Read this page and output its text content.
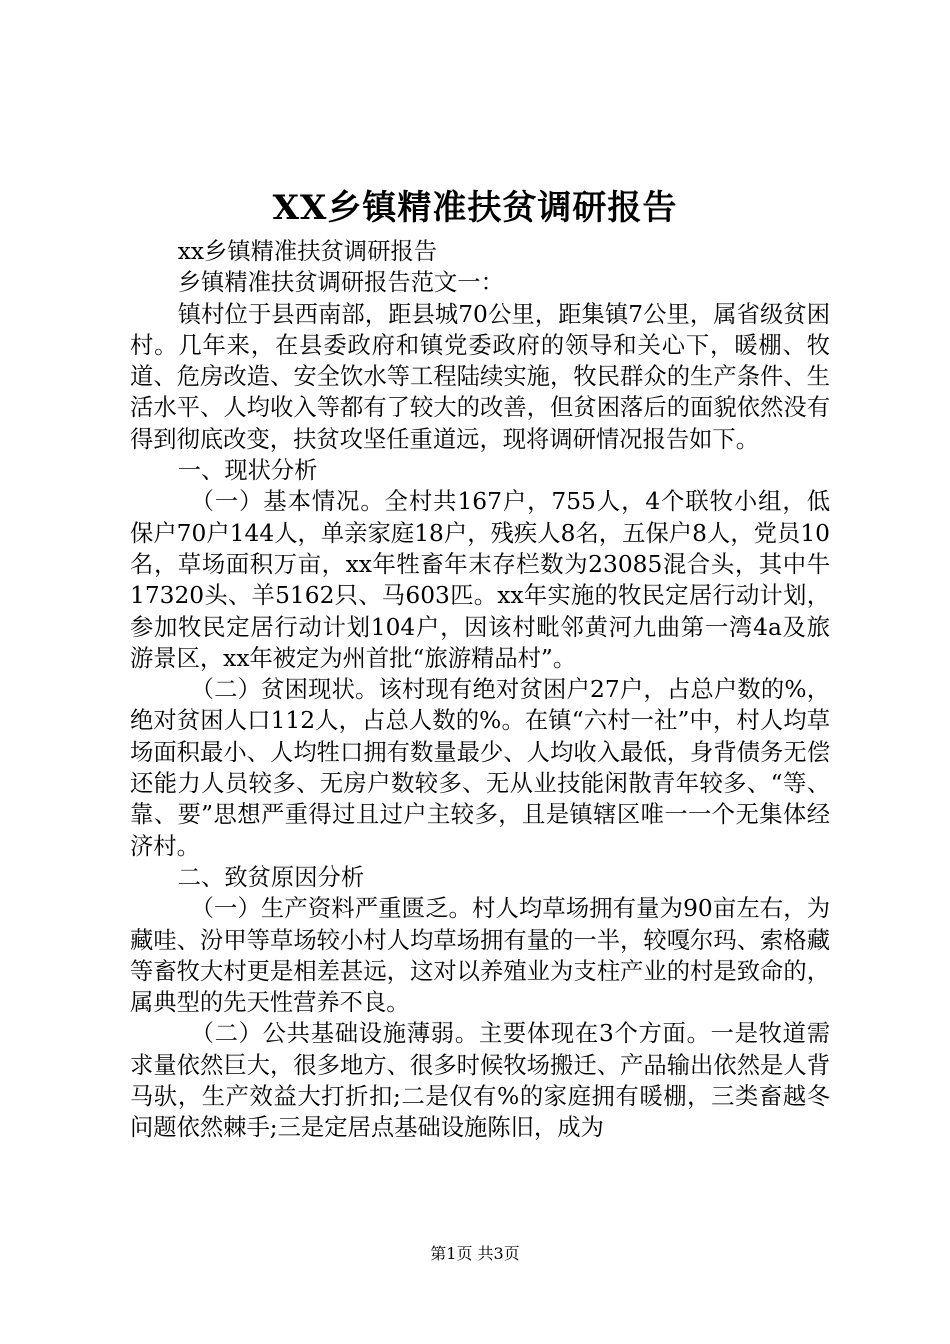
XX乡镇精准扶贫调研报告

xx乡镇精准扶贫调研报告

乡镇精准扶贫调研报告范文一：

镇村位于县西南部，距县城70公里，距集镇7公里，属省级贫困村。几年来，在县委政府和镇党委政府的领导和关心下，暖棚、牧道、危房改造、安全饮水等工程陆续实施，牧民群众的生产条件、生活水平、人均收入等都有了较大的改善，但贫困落后的面貌依然没有得到彻底改变，扶贫攻坚任重道远，现将调研情况报告如下。

一、现状分析

（一）基本情况。全村共167户，755人，4个联牧小组，低保户70户144人，单亲家庭18户，残疾人8名，五保户8人，党员10名，草场面积万亩，xx年牲畜年末存栏数为23085混合头，其中牛17320头、羊5162只、马603匹。xx年实施的牧民定居行动计划，参加牧民定居行动计划104户，因该村毗邻黄河九曲第一湾4a及旅游景区，xx年被定为州首批“旅游精品村”。

（二）贫困现状。该村现有绝对贫困户27户，占总户数的%，绝对贫困人口112人，占总人数的%。在镇“六村一社”中，村人均草场面积最小、人均牲口拥有数量最少、人均收入最低，身背债务无偿还能力人员较多、无房户数较多、无从业技能闲散青年较多、“等、靠、要”思想严重得过且过户主较多，且是镇辖区唯一一个无集体经济村。

二、致贫原因分析

（一）生产资料严重匮乏。村人均草场拥有量为90亩左右，为藏哇、汾甲等草场较小村人均草场拥有量的一半，较嘎尔玛、索格藏等畜牧大村更是相差甚远，这对以养殖业为支柱产业的村是致命的，属典型的先天性营养不良。

（二）公共基础设施薄弱。主要体现在3个方面。一是牧道需求量依然巨大，很多地方、很多时候牧场搬迁、产品输出依然是人背马驮，生产效益大打折扣;二是仅有%的家庭拥有暖棚，三类畜越冬问题依然棘手;三是定居点基础设施陈旧，成为

第1页 共3页
